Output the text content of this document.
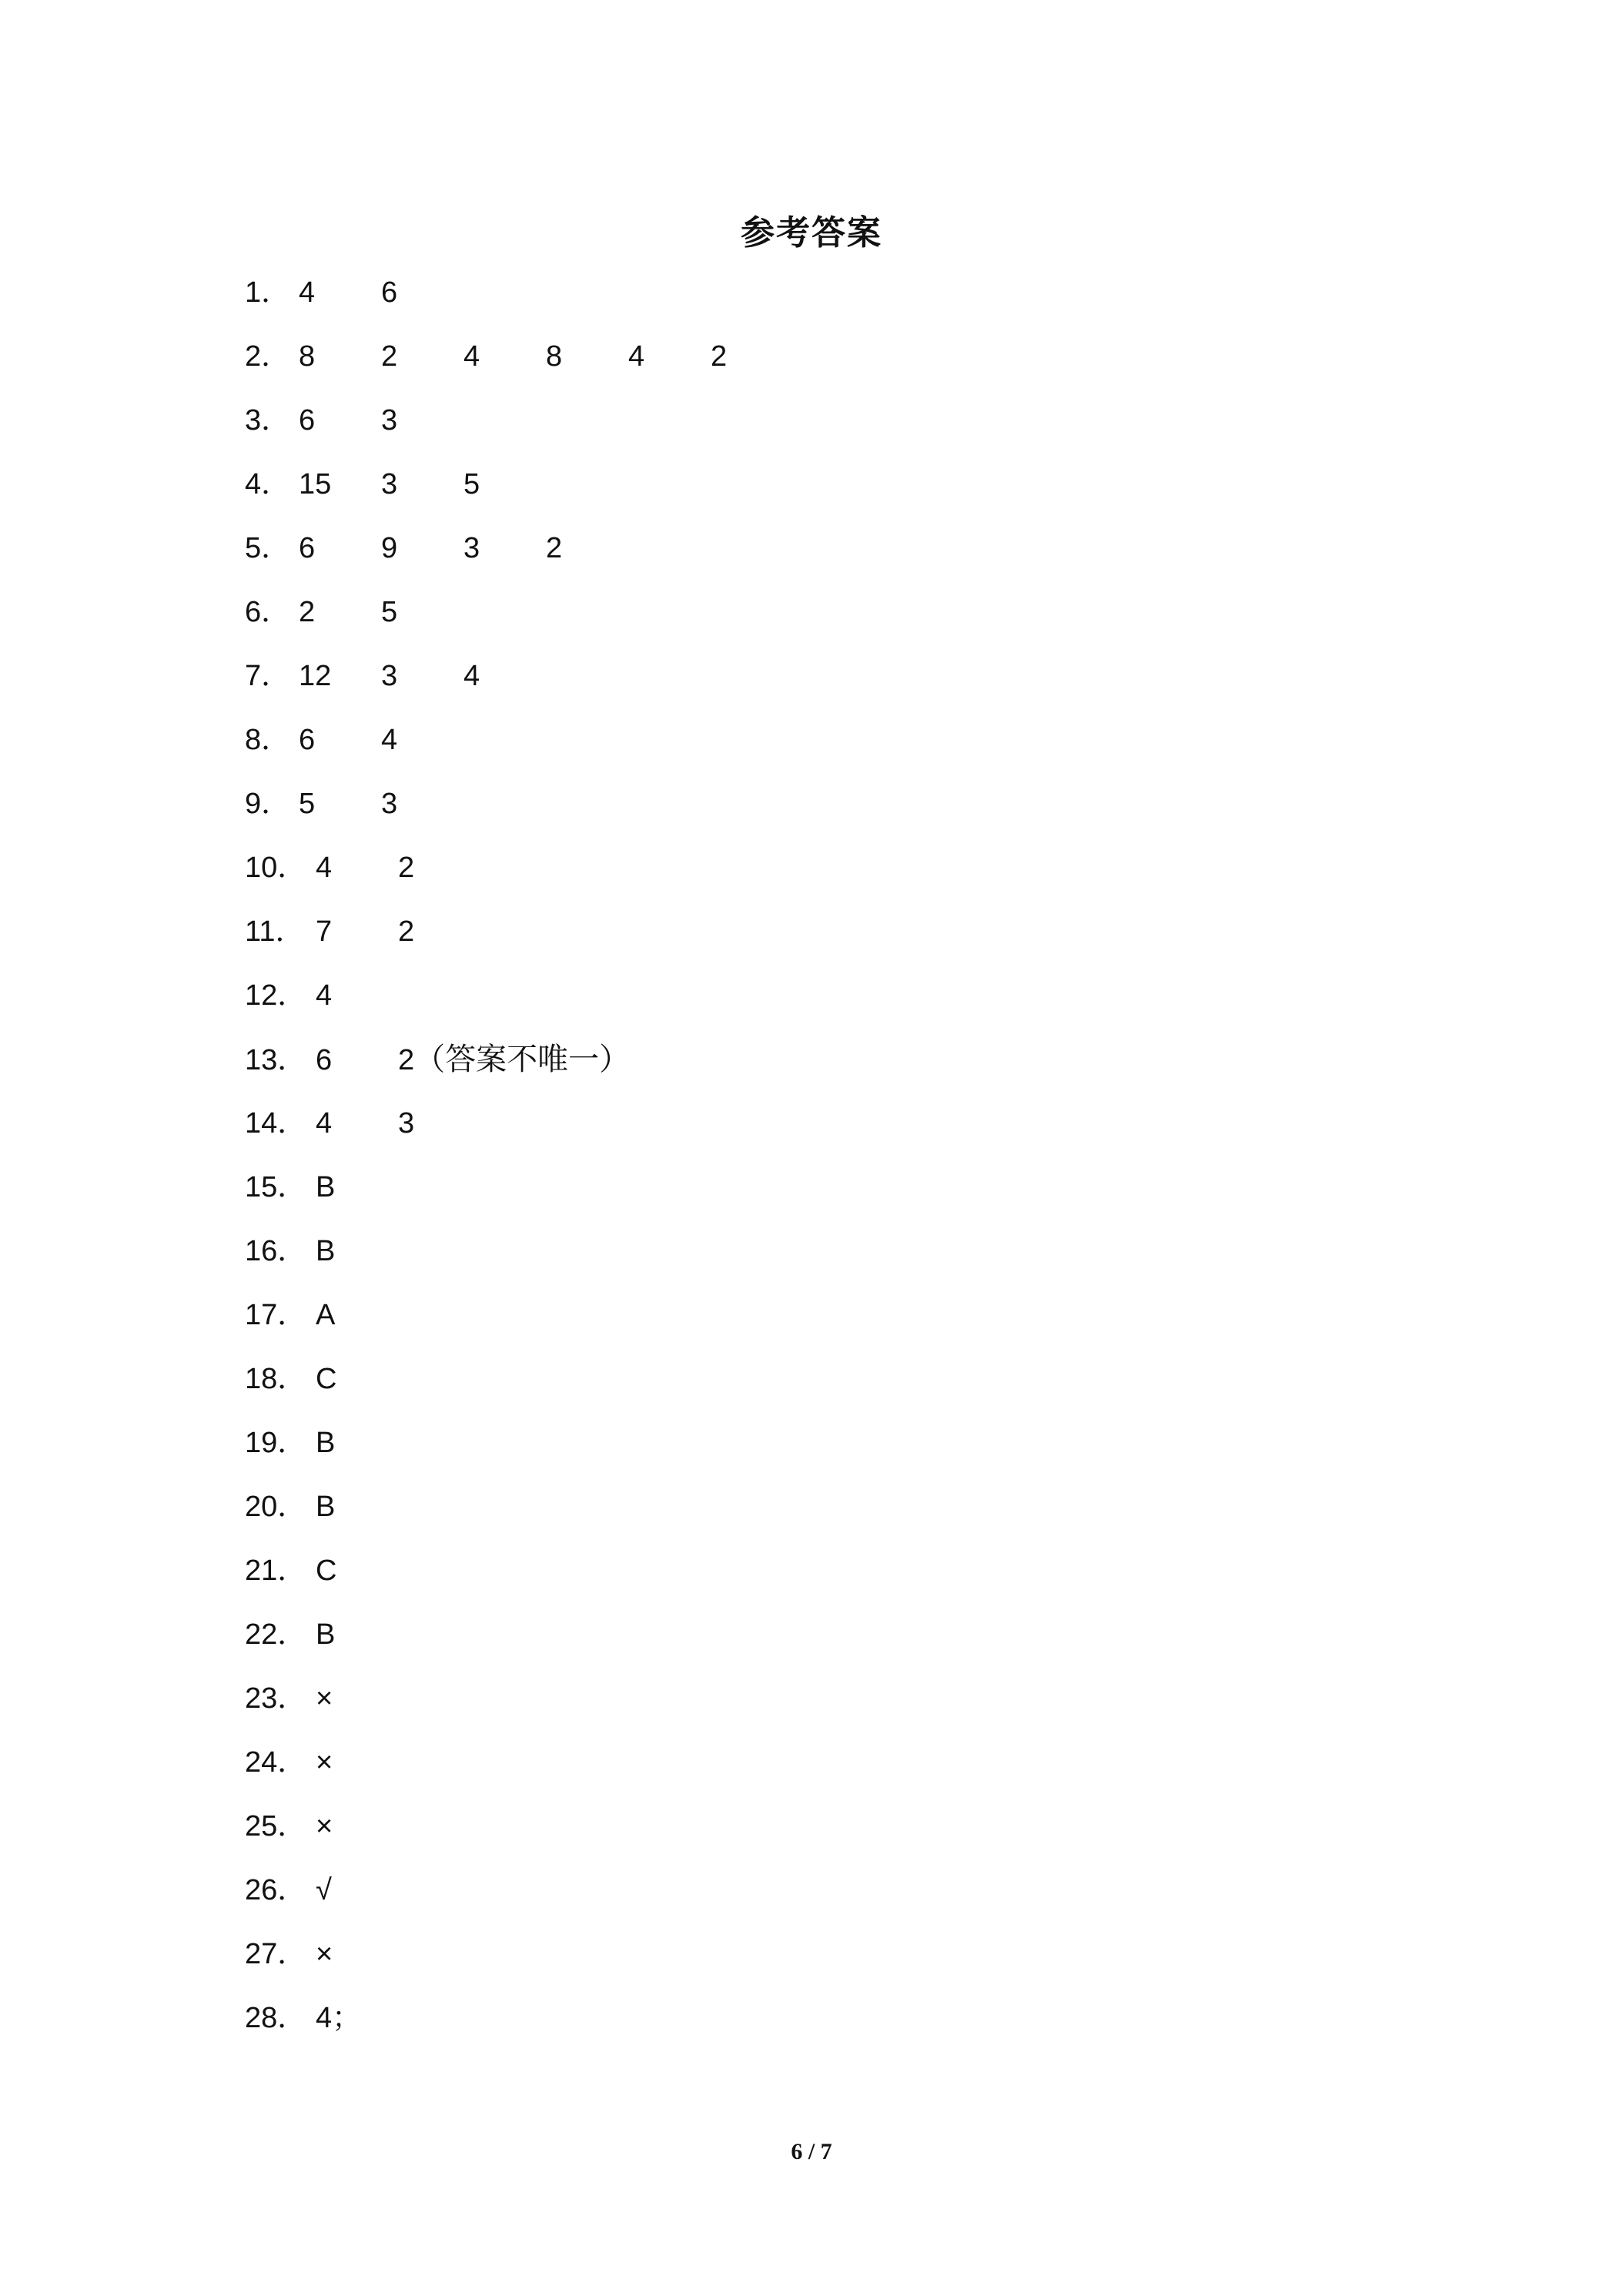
参考答案
1． 4 6
2． 8 2 4 8 4 2
3． 6 3
4． 15 3 5
5． 6 9 3 2
6． 2 5
7． 12 3 4
8． 6 4
9． 5 3
10． 4 2
11． 7 2
12． 4
13． 6 2（答案不唯一）
14． 4 3
15． B
16． B
17． A
18． C
19． B
20． B
21． C
22． B
23． ×
24． ×
25． ×
26． √
27． ×
28． 4；
6 / 7
